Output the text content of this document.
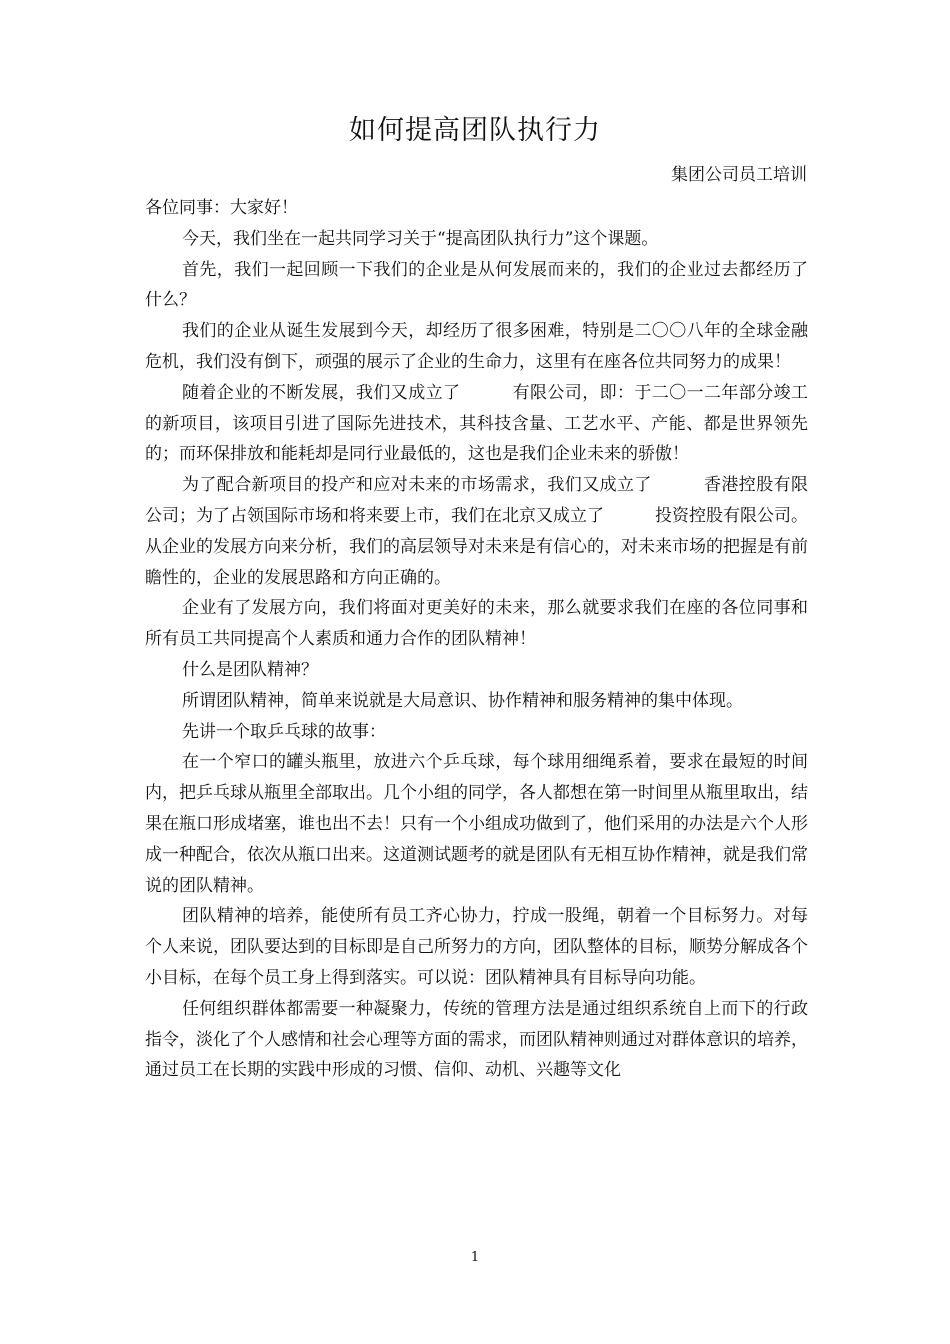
如何提高团队执行力
集团公司员工培训

各位同事：大家好！

今天，我们坐在一起共同学习关于“提高团队执行力”这个课题。

首先，我们一起回顾一下我们的企业是从何发展而来的，我们的企业过去都经历了什么？

我们的企业从诞生发展到今天，却经历了很多困难，特别是二〇〇八年的全球金融危机，我们没有倒下，顽强的展示了企业的生命力，这里有在座各位共同努力的成果！

随着企业的不断发展，我们又成立了　　　有限公司，即：于二〇一二年部分竣工的新项目，该项目引进了国际先进技术，其科技含量、工艺水平、产能、都是世界领先的；而环保排放和能耗却是同行业最低的，这也是我们企业未来的骄傲！

为了配合新项目的投产和应对未来的市场需求，我们又成立了　　　香港控股有限公司；为了占领国际市场和将来要上市，我们在北京又成立了　　　投资控股有限公司。从企业的发展方向来分析，我们的高层领导对未来是有信心的，对未来市场的把握是有前瞻性的，企业的发展思路和方向正确的。

企业有了发展方向，我们将面对更美好的未来，那么就要求我们在座的各位同事和所有员工共同提高个人素质和通力合作的团队精神！

什么是团队精神？

所谓团队精神，简单来说就是大局意识、协作精神和服务精神的集中体现。

先讲一个取乒乓球的故事：

在一个窄口的罐头瓶里，放进六个乒乓球，每个球用细绳系着，要求在最短的时间内，把乒乓球从瓶里全部取出。几个小组的同学，各人都想在第一时间里从瓶里取出，结果在瓶口形成堵塞，谁也出不去！只有一个小组成功做到了，他们采用的办法是六个人形成一种配合，依次从瓶口出来。这道测试题考的就是团队有无相互协作精神，就是我们常说的团队精神。

团队精神的培养，能使所有员工齐心协力，拧成一股绳，朝着一个目标努力。对每个人来说，团队要达到的目标即是自己所努力的方向，团队整体的目标，顺势分解成各个小目标，在每个员工身上得到落实。可以说：团队精神具有目标导向功能。

任何组织群体都需要一种凝聚力，传统的管理方法是通过组织系统自上而下的行政指令，淡化了个人感情和社会心理等方面的需求，而团队精神则通过对群体意识的培养，通过员工在长期的实践中形成的习惯、信仰、动机、兴趣等文化

1
